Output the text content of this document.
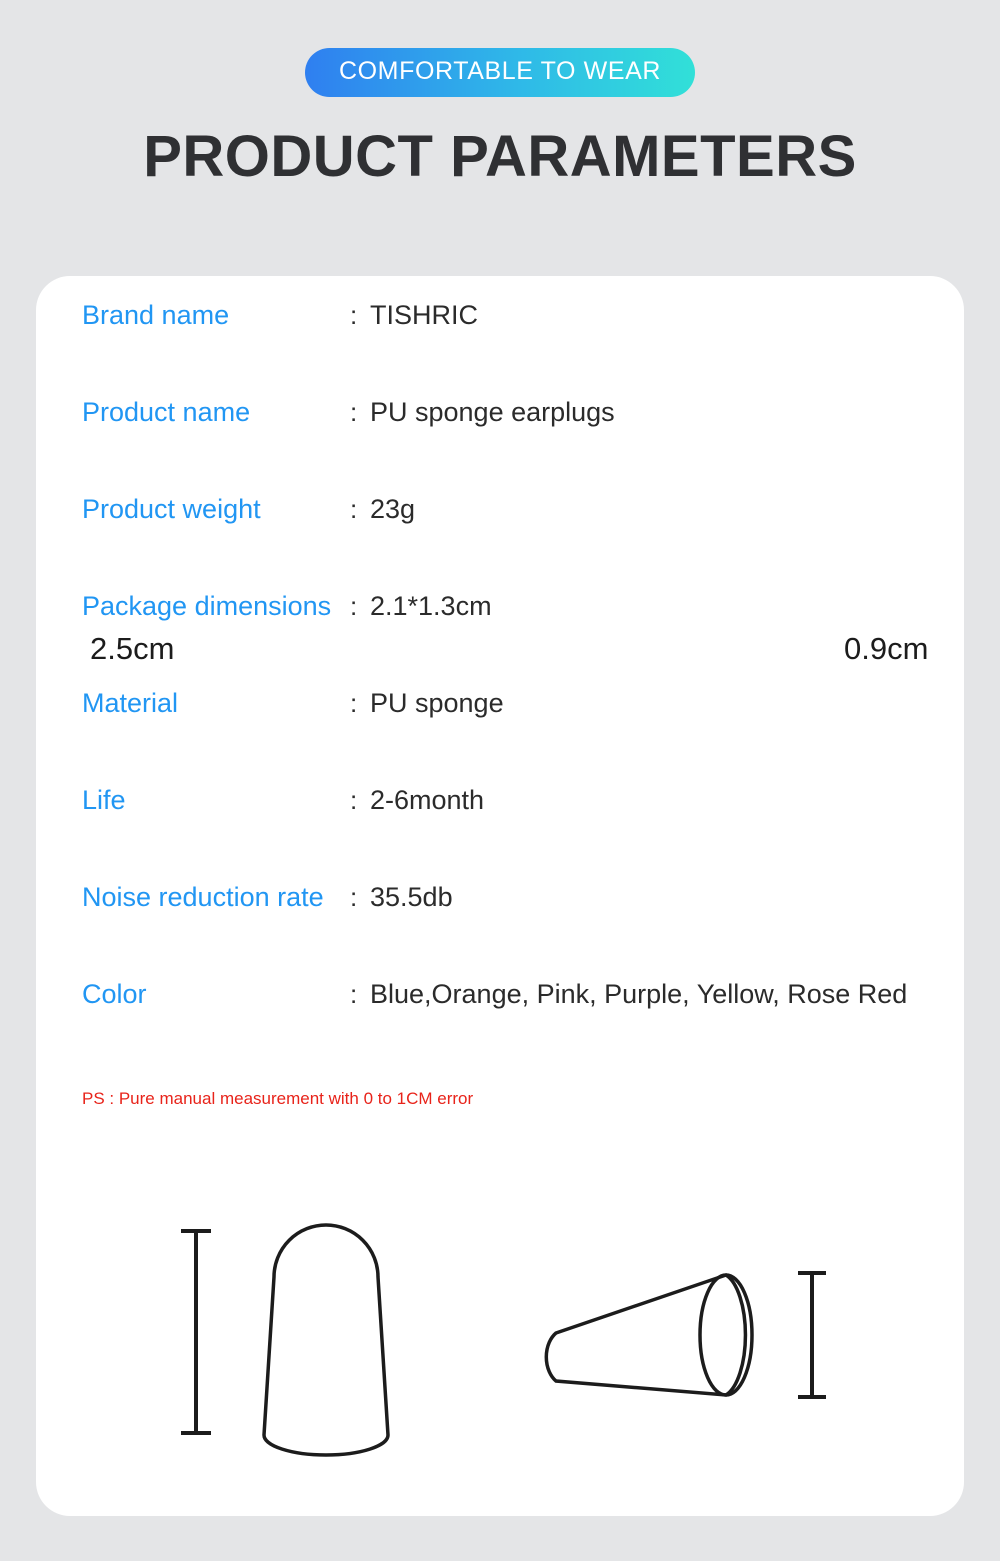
COMFORTABLE TO WEAR
PRODUCT PARAMETERS
Brand name	: TISHRIC
Product name	: PU sponge earplugs
Product weight	: 23g
Package dimensions : 2.1*1.3cm
Material	: PU sponge
Life	: 2-6month
Noise reduction rate	: 35.5db
Color	: Blue,Orange, Pink, Purple, Yellow, Rose Red
PS : Pure manual measurement with 0 to 1CM error
2.5cm	0.9cm
